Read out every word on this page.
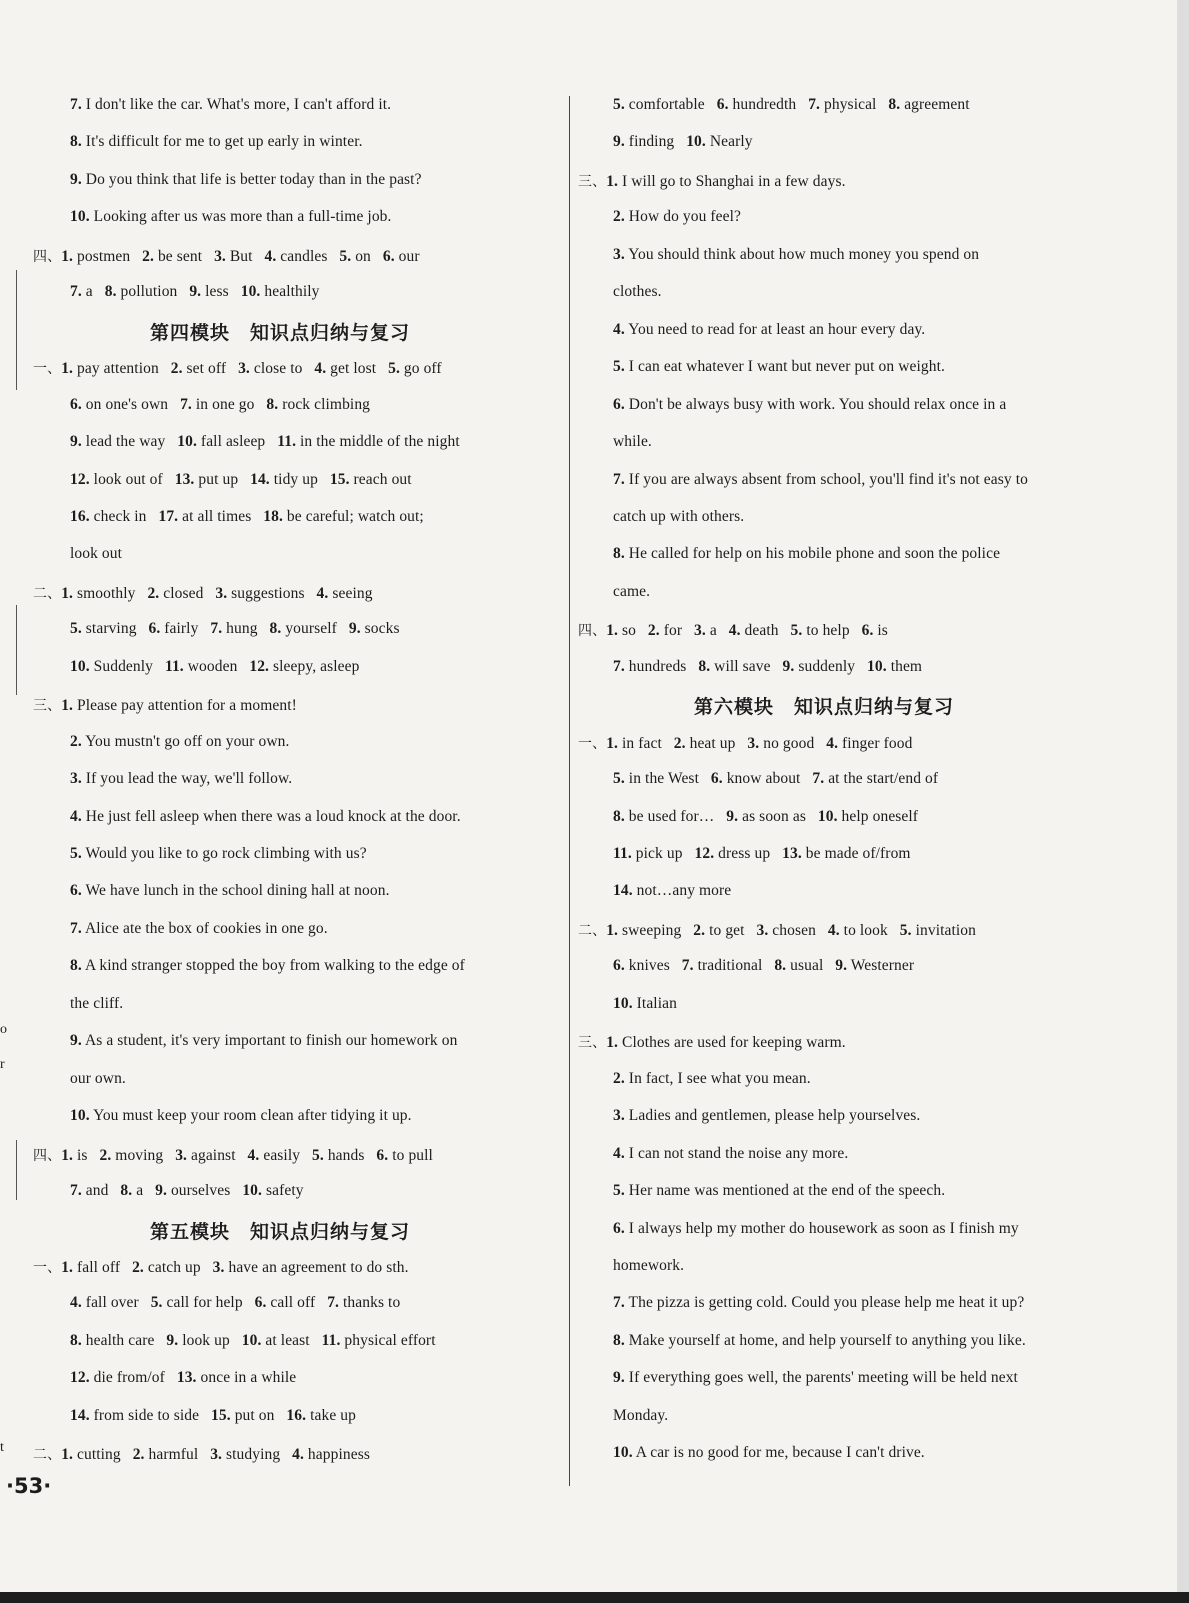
o
r
t
7. I don't like the car. What's more, I can't afford it.
8. It's difficult for me to get up early in winter.
9. Do you think that life is better today than in the past?
10. Looking after us was more than a full-time job.
四、1. postmen   2. be sent   3. But   4. candles   5. on   6. our
7. a   8. pollution   9. less   10. healthily
第四模块　知识点归纳与复习
一、1. pay attention   2. set off   3. close to   4. get lost   5. go off
6. on one's own   7. in one go   8. rock climbing
9. lead the way   10. fall asleep   11. in the middle of the night
12. look out of   13. put up   14. tidy up   15. reach out
16. check in   17. at all times   18. be careful; watch out;
look out
二、1. smoothly   2. closed   3. suggestions   4. seeing
5. starving   6. fairly   7. hung   8. yourself   9. socks
10. Suddenly   11. wooden   12. sleepy, asleep
三、1. Please pay attention for a moment!
2. You mustn't go off on your own.
3. If you lead the way, we'll follow.
4. He just fell asleep when there was a loud knock at the door.
5. Would you like to go rock climbing with us?
6. We have lunch in the school dining hall at noon.
7. Alice ate the box of cookies in one go.
8. A kind stranger stopped the boy from walking to the edge of
the cliff.
9. As a student, it's very important to finish our homework on
our own.
10. You must keep your room clean after tidying it up.
四、1. is   2. moving   3. against   4. easily   5. hands   6. to pull
7. and   8. a   9. ourselves   10. safety
第五模块　知识点归纳与复习
一、1. fall off   2. catch up   3. have an agreement to do sth.
4. fall over   5. call for help   6. call off   7. thanks to
8. health care   9. look up   10. at least   11. physical effort
12. die from/of   13. once in a while
14. from side to side   15. put on   16. take up
二、1. cutting   2. harmful   3. studying   4. happiness
5. comfortable   6. hundredth   7. physical   8. agreement
9. finding   10. Nearly
三、1. I will go to Shanghai in a few days.
2. How do you feel?
3. You should think about how much money you spend on
clothes.
4. You need to read for at least an hour every day.
5. I can eat whatever I want but never put on weight.
6. Don't be always busy with work. You should relax once in a
while.
7. If you are always absent from school, you'll find it's not easy to
catch up with others.
8. He called for help on his mobile phone and soon the police
came.
四、1. so   2. for   3. a   4. death   5. to help   6. is
7. hundreds   8. will save   9. suddenly   10. them
第六模块　知识点归纳与复习
一、1. in fact   2. heat up   3. no good   4. finger food
5. in the West   6. know about   7. at the start/end of
8. be used for…   9. as soon as   10. help oneself
11. pick up   12. dress up   13. be made of/from
14. not…any more
二、1. sweeping   2. to get   3. chosen   4. to look   5. invitation
6. knives   7. traditional   8. usual   9. Westerner
10. Italian
三、1. Clothes are used for keeping warm.
2. In fact, I see what you mean.
3. Ladies and gentlemen, please help yourselves.
4. I can not stand the noise any more.
5. Her name was mentioned at the end of the speech.
6. I always help my mother do housework as soon as I finish my
homework.
7. The pizza is getting cold. Could you please help me heat it up?
8. Make yourself at home, and help yourself to anything you like.
9. If everything goes well, the parents' meeting will be held next
Monday.
10. A car is no good for me, because I can't drive.
·53·
